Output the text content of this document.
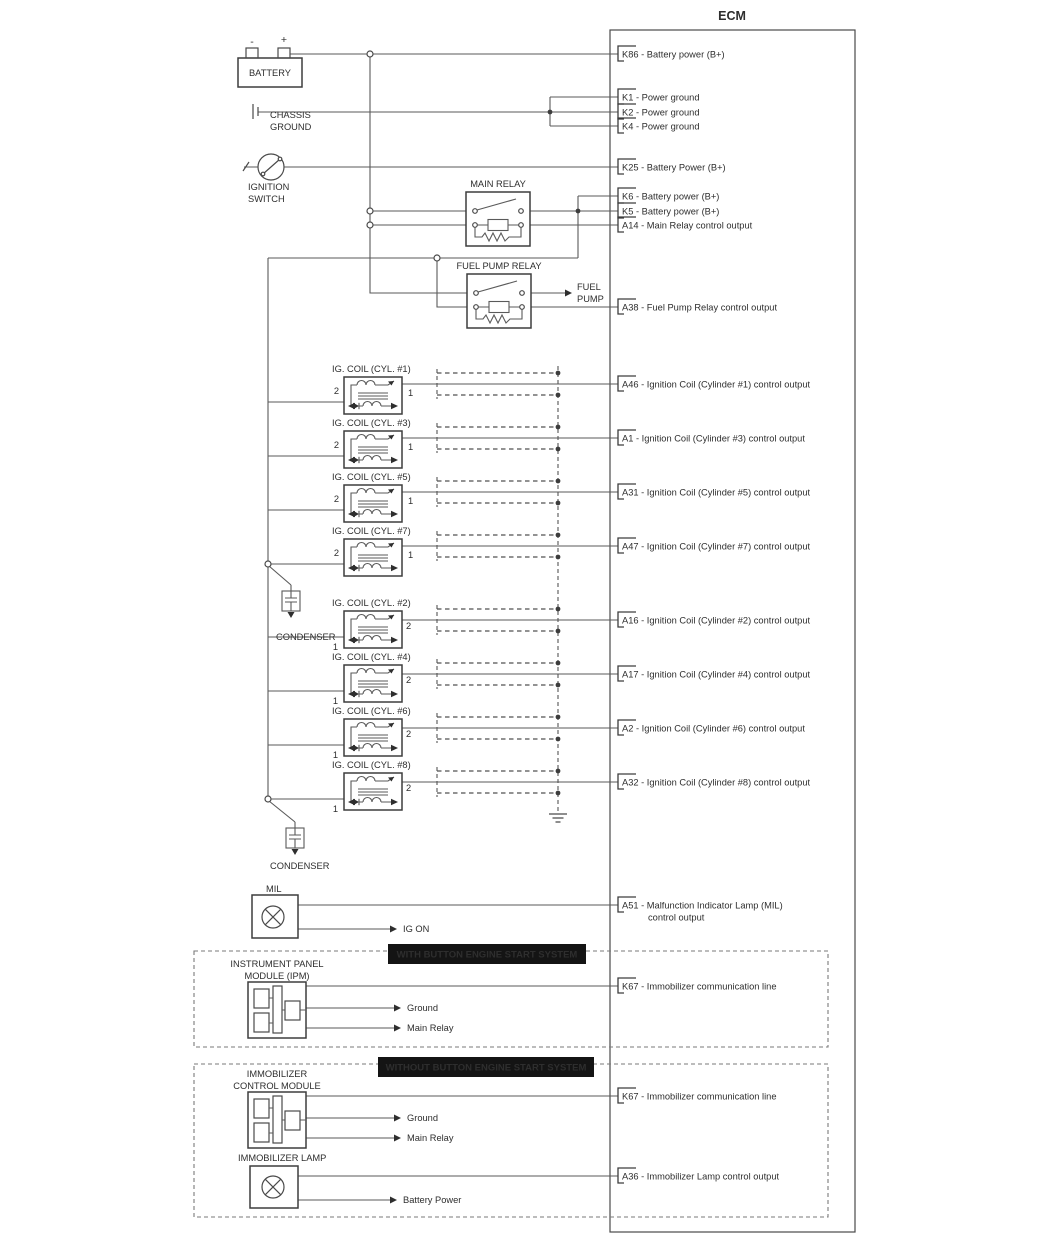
ECM
-	+
BATTERY
CHASSIS
GROUND
IGNITION
SWITCH
MAIN RELAY
FUEL PUMP RELAY
FUEL
PUMP
IG. COIL (CYL. #1)
2	1
IG. COIL (CYL. #3)
2	1
IG. COIL (CYL. #5)
2	1
IG. COIL (CYL. #7)
2	1
IG. COIL (CYL. #2)
2
1
IG. COIL (CYL. #4)
2
1
IG. COIL (CYL. #6)
2
1
IG. COIL (CYL. #8)
2
1
CONDENSER
CONDENSER
MIL
IG ON
WITH BUTTON ENGINE START SYSTEM
INSTRUMENT PANEL
MODULE (IPM)
Ground
Main Relay
WITHOUT BUTTON ENGINE START SYSTEM
IMMOBILIZER
CONTROL MODULE
Ground
Main Relay
IMMOBILIZER LAMP
Battery Power
K86 - Battery power (B+)
K1 - Power ground
K2 - Power ground
K4 - Power ground
K25 - Battery Power (B+)
K6 - Battery power (B+)
K5 - Battery power (B+)
A14 - Main Relay control output
A38 - Fuel Pump Relay control output
A46 - Ignition Coil (Cylinder #1) control output
A1 - Ignition Coil (Cylinder #3) control output
A31 - Ignition Coil (Cylinder #5) control output
A47 - Ignition Coil (Cylinder #7) control output
A16 - Ignition Coil (Cylinder #2) control output
A17 - Ignition Coil (Cylinder #4) control output
A2 - Ignition Coil (Cylinder #6) control output
A32 - Ignition Coil (Cylinder #8) control output
A51 - Malfunction Indicator Lamp (MIL)
control output
K67 - Immobilizer communication line
K67 - Immobilizer communication line
A36 - Immobilizer Lamp control output
